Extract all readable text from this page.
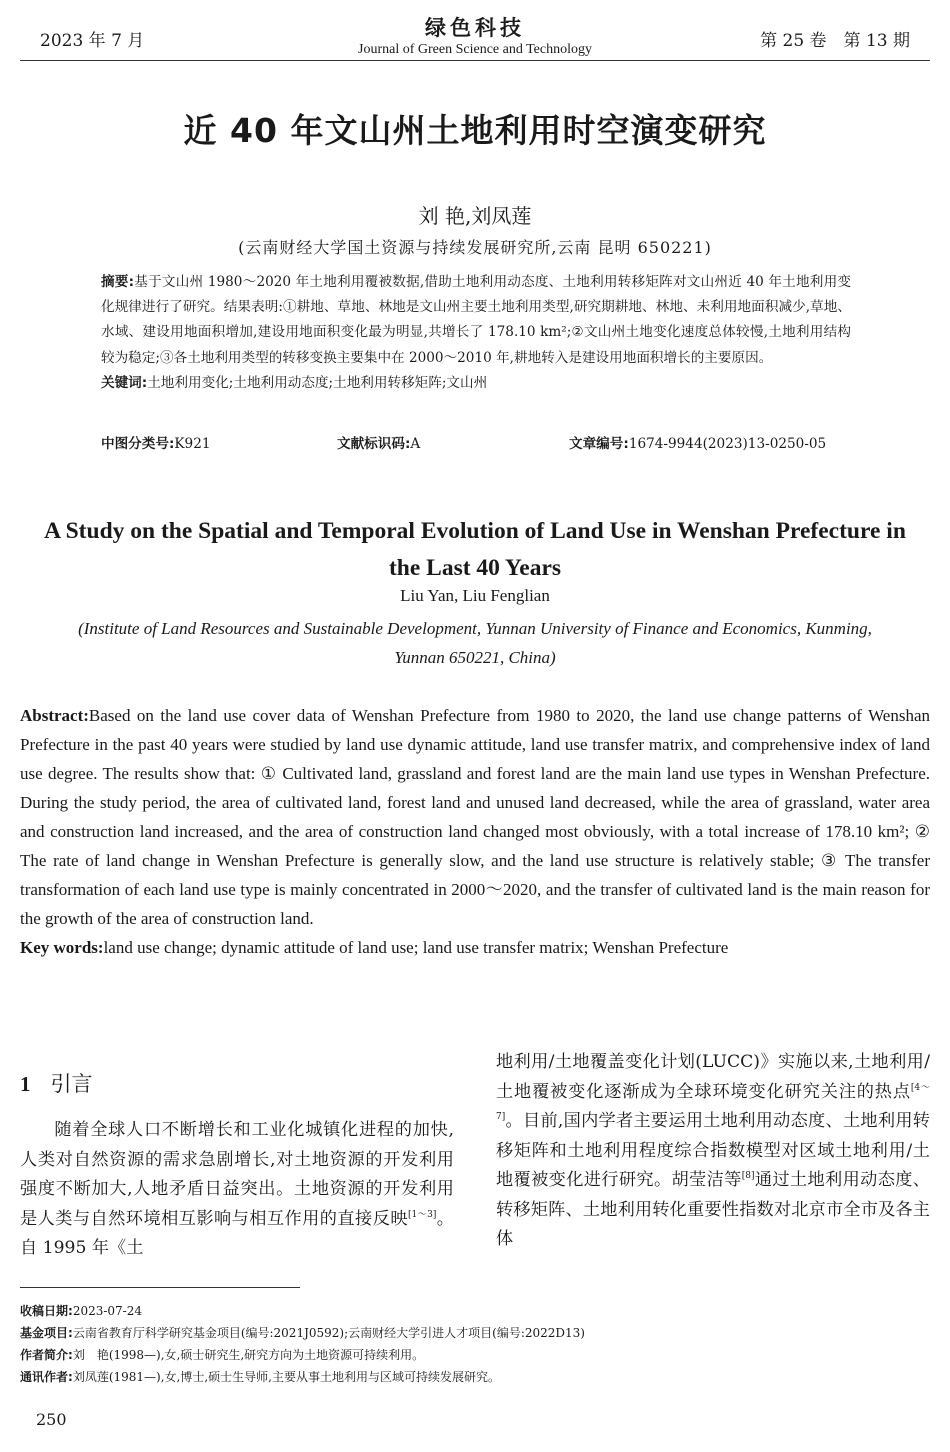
2023 年 7 月
绿色科技
Journal of Green Science and Technology	第 25 卷　第 13 期
近 40 年文山州土地利用时空演变研究
刘 艳,刘凤莲
(云南财经大学国土资源与持续发展研究所,云南 昆明 650221)

摘要:基于文山州 1980～2020 年土地利用覆被数据,借助土地利用动态度、土地利用转移矩阵对文山州近 40 年土地利用变化规律进行了研究。结果表明:①耕地、草地、林地是文山州主要土地利用类型,研究期耕地、林地、未利用地面积减少,草地、水域、建设用地面积增加,建设用地面积变化最为明显,共增长了 178.10 km²;②文山州土地变化速度总体较慢,土地利用结构较为稳定;③各土地利用类型的转移变换主要集中在 2000～2010 年,耕地转入是建设用地面积增长的主要原因。

关键词:土地利用变化;土地利用动态度;土地利用转移矩阵;文山州

中图分类号:K921	文献标识码:A	文章编号:1674-9944(2023)13-0250-05
A Study on the Spatial and Temporal Evolution of Land Use in Wenshan Prefecture in the Last 40 Years
Liu Yan, Liu Fenglian
(Institute of Land Resources and Sustainable Development, Yunnan University of Finance and Economics, Kunming, Yunnan 650221, China)

Abstract:Based on the land use cover data of Wenshan Prefecture from 1980 to 2020, the land use change patterns of Wenshan Prefecture in the past 40 years were studied by land use dynamic attitude, land use transfer matrix, and comprehensive index of land use degree. The results show that: ① Cultivated land, grassland and forest land are the main land use types in Wenshan Prefecture. During the study period, the area of cultivated land, forest land and unused land decreased, while the area of grassland, water area and construction land increased, and the area of construction land changed most obviously, with a total increase of 178.10 km²; ② The rate of land change in Wenshan Prefecture is generally slow, and the land use structure is relatively stable; ③ The transfer transformation of each land use type is mainly concentrated in 2000～2020, and the transfer of cultivated land is the main reason for the growth of the area of construction land.

Key words:land use change; dynamic attitude of land use; land use transfer matrix; Wenshan Prefecture

1 引言
随着全球人口不断增长和工业化城镇化进程的加快,人类对自然资源的需求急剧增长,对土地资源的开发利用强度不断加大,人地矛盾日益突出。土地资源的开发利用是人类与自然环境相互影响与相互作用的直接反映[1～3]。自 1995 年《土
地利用/土地覆盖变化计划(LUCC)》实施以来,土地利用/土地覆被变化逐渐成为全球环境变化研究关注的热点[4～7]。目前,国内学者主要运用土地利用动态度、土地利用转移矩阵和土地利用程度综合指数模型对区域土地利用/土地覆被变化进行研究。胡莹洁等[8]通过土地利用动态度、转移矩阵、土地利用转化重要性指数对北京市全市及各主体
收稿日期:2023-07-24
基金项目:云南省教育厅科学研究基金项目(编号:2021J0592);云南财经大学引进人才项目(编号:2022D13)
作者简介:刘　艳(1998—),女,硕士研究生,研究方向为土地资源可持续利用。
通讯作者:刘凤莲(1981—),女,博士,硕士生导师,主要从事土地利用与区域可持续发展研究。
250
